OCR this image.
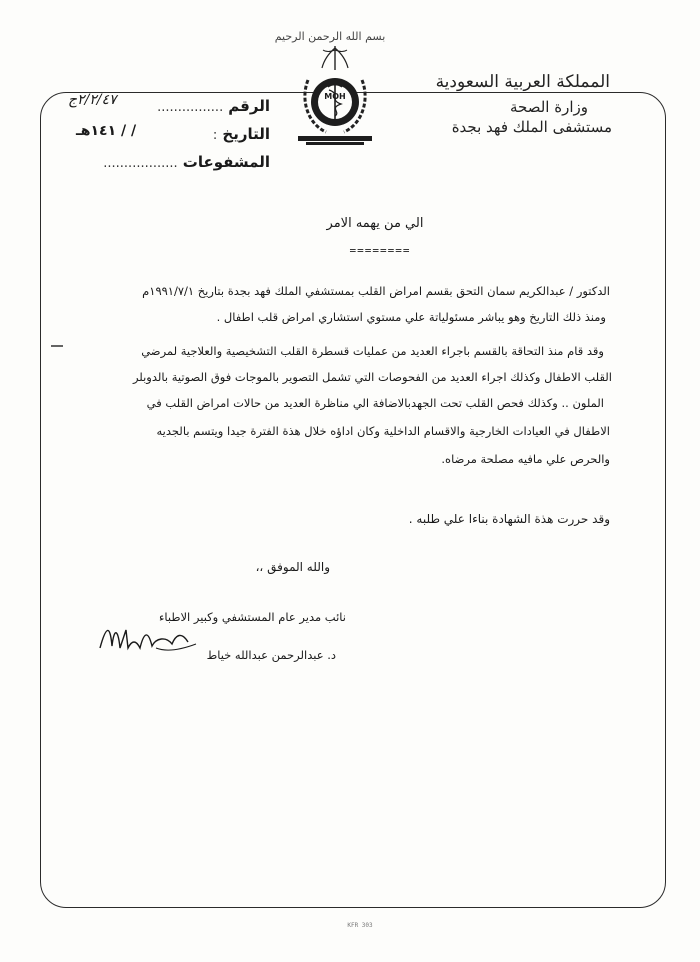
بسم الله الرحمن الرحيم
MOH
المملكة العربية السعودية
وزارة الصحة
مستشفى الملك فهد بجدة
الرقم ................
٢/٢/٤٧ج
التاريخ :
/ / ١٤١هـ
المشفوعات ..................
الي من يهمه الامر
========
الدكتور / عبدالكريم سمان التحق بقسم امراض القلب بمستشفي الملك فهد بجدة بتاريخ ١٩٩١/٧/١م
ومنذ ذلك التاريخ وهو يباشر مسئولياتة علي مستوي استشاري امراض قلب اطفال .
وقد قام منذ التحاقة بالقسم باجراء العديد من عمليات قسطرة القلب التشخيصية والعلاجية لمرضي
القلب الاطفال وكذلك اجراء العديد من الفحوصات التي تشمل التصوير بالموجات فوق الصوتية بالدوبلر
الملون .. وكذلك فحص القلب تحت الجهدبالاضافة الي مناظرة العديد من حالات امراض القلب في
الاطفال في العيادات الخارجية والاقسام الداخلية وكان اداؤه خلال هذة الفترة جيدا ويتسم بالجديه
والحرص علي مافيه مصلحة مرضاه.
وقد حررت هذة الشهادة بناءا علي طلبه .
والله الموفق ،،
نائب مدير عام المستشفي وكبير الاطباء
د. عبدالرحمن عبدالله خياط
KFR 303
